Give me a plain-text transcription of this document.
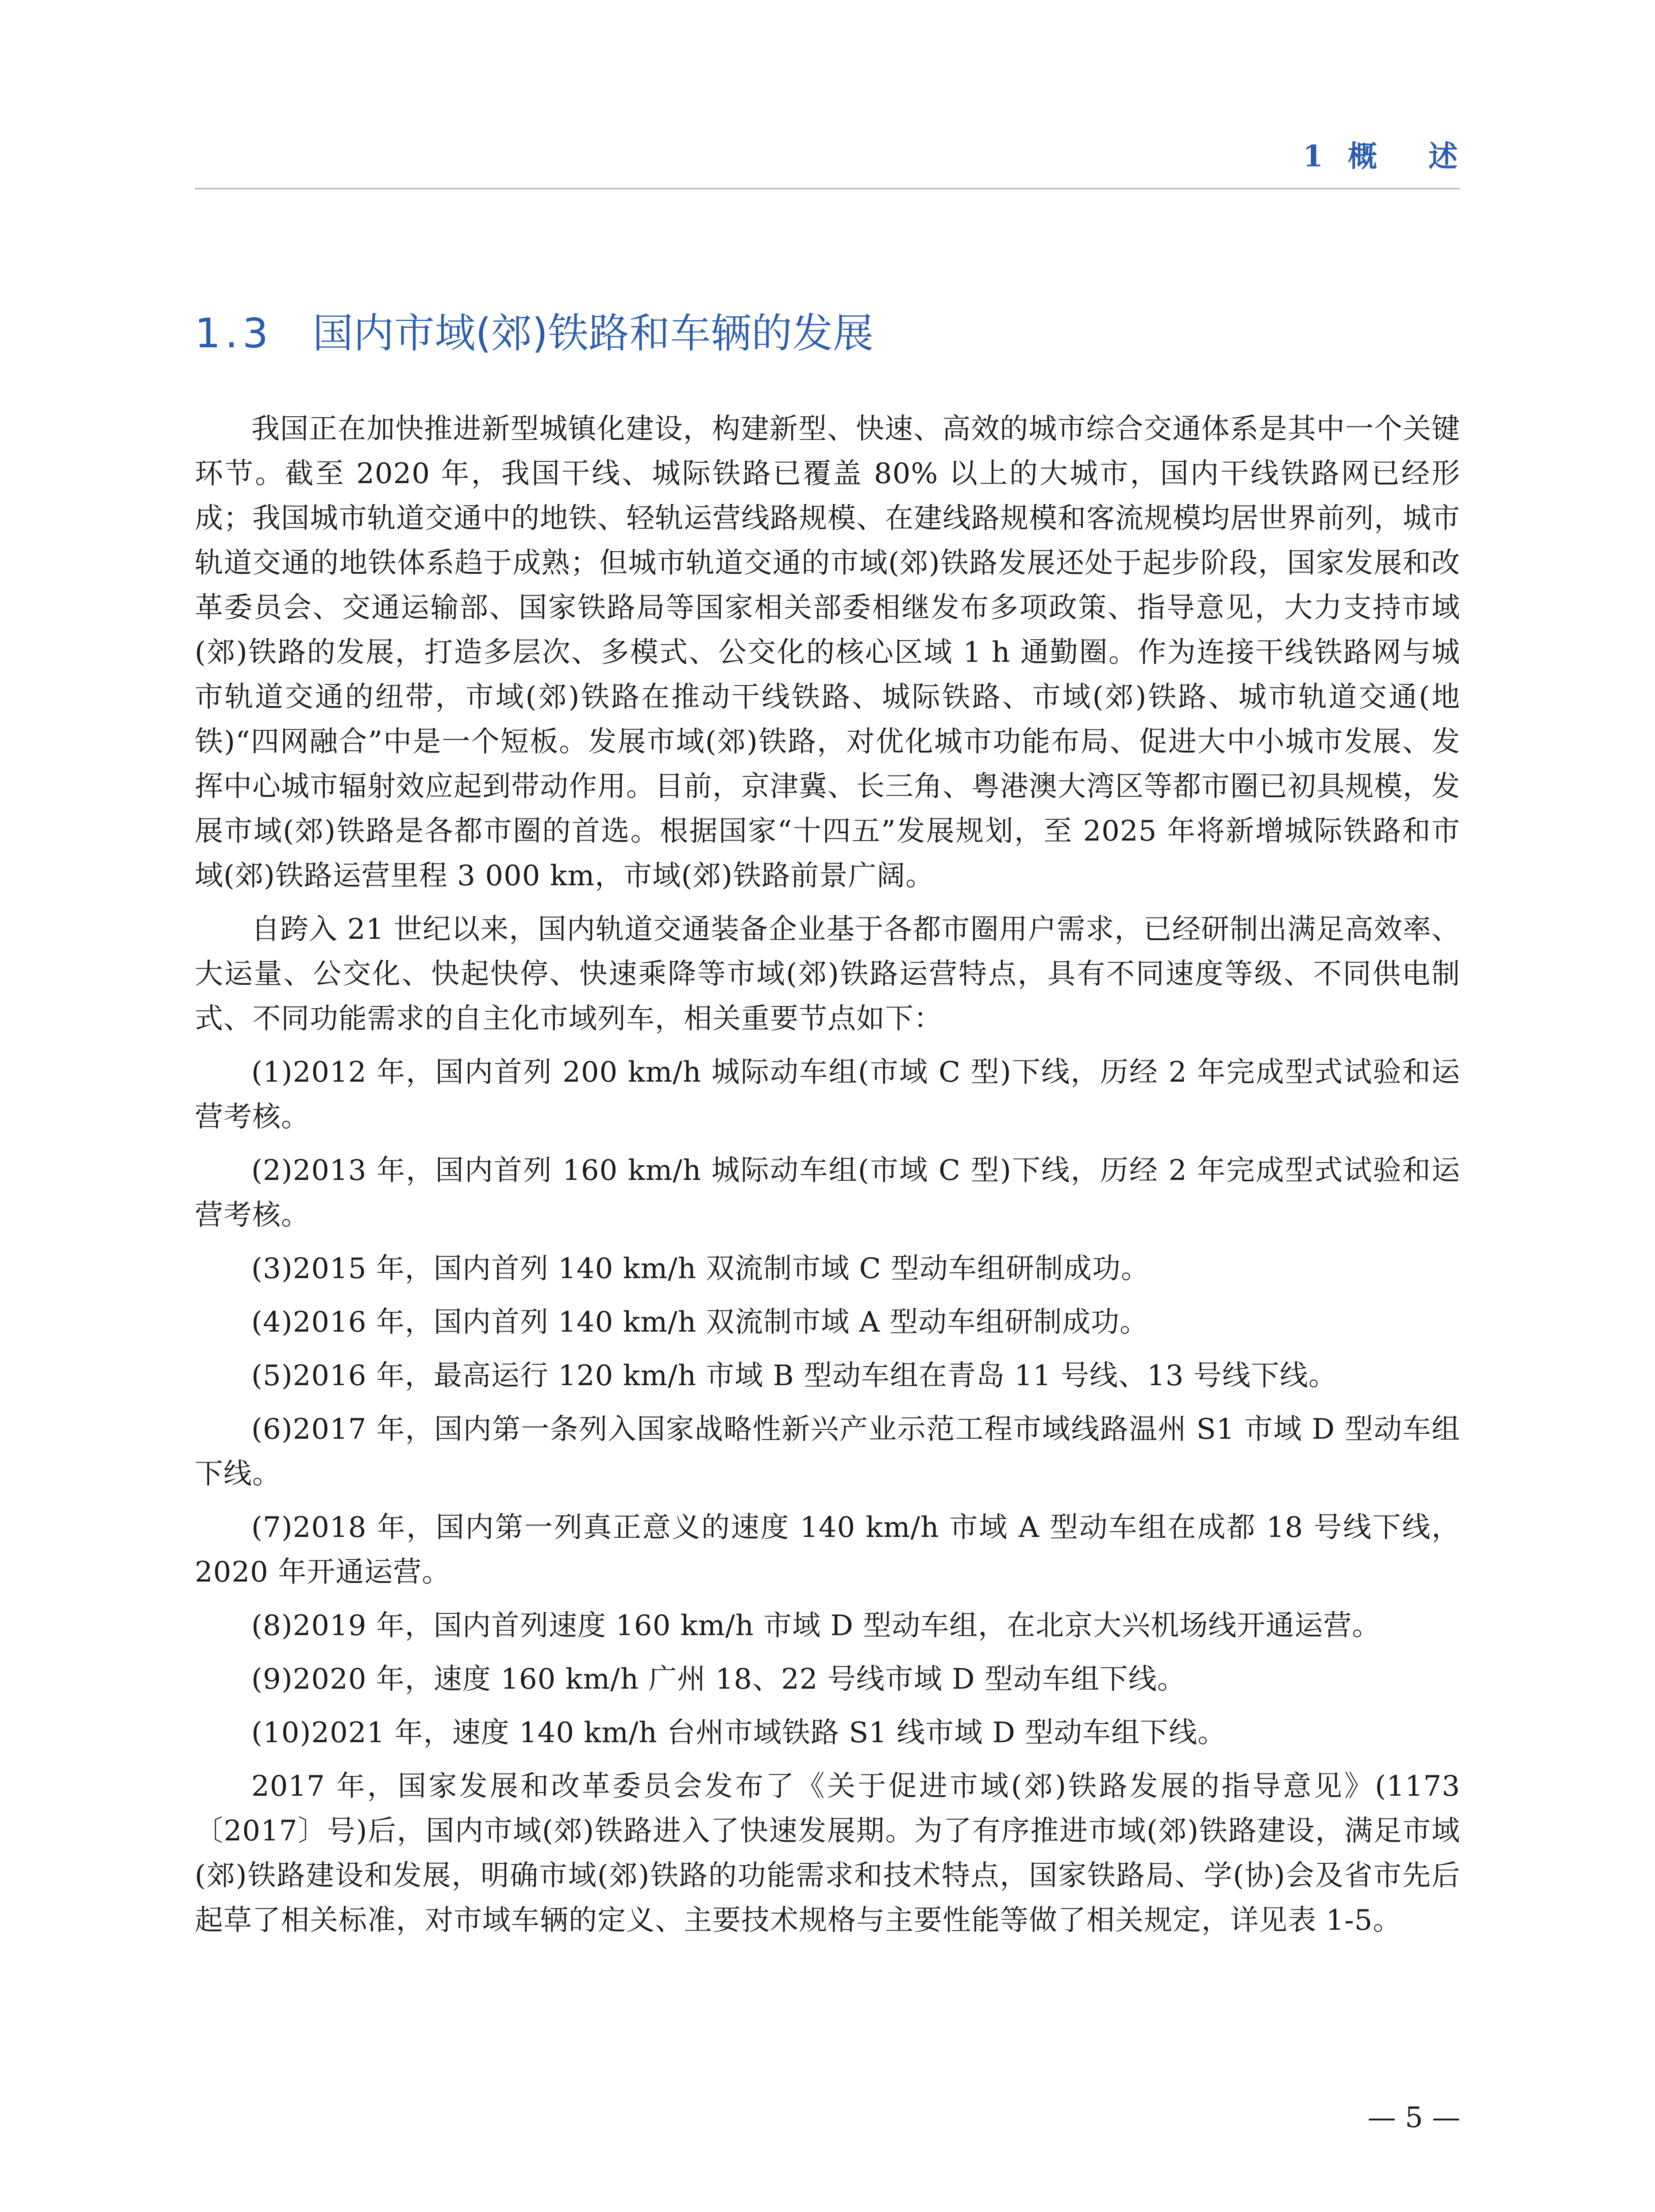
1 概 述
1.3 国内市域(郊)铁路和车辆的发展

我国正在加快推进新型城镇化建设，构建新型、快速、高效的城市综合交通体系是其中一个关键环节。截至 2020 年，我国干线、城际铁路已覆盖 80% 以上的大城市，国内干线铁路网已经形成；我国城市轨道交通中的地铁、轻轨运营线路规模、在建线路规模和客流规模均居世界前列，城市轨道交通的地铁体系趋于成熟；但城市轨道交通的市域(郊)铁路发展还处于起步阶段，国家发展和改革委员会、交通运输部、国家铁路局等国家相关部委相继发布多项政策、指导意见，大力支持市域(郊)铁路的发展，打造多层次、多模式、公交化的核心区域 1 h 通勤圈。作为连接干线铁路网与城市轨道交通的纽带，市域(郊)铁路在推动干线铁路、城际铁路、市域(郊)铁路、城市轨道交通(地铁)“四网融合”中是一个短板。发展市域(郊)铁路，对优化城市功能布局、促进大中小城市发展、发挥中心城市辐射效应起到带动作用。目前，京津冀、长三角、粤港澳大湾区等都市圈已初具规模，发展市域(郊)铁路是各都市圈的首选。根据国家“十四五”发展规划，至 2025 年将新增城际铁路和市域(郊)铁路运营里程 3 000 km，市域(郊)铁路前景广阔。

自跨入 21 世纪以来，国内轨道交通装备企业基于各都市圈用户需求，已经研制出满足高效率、大运量、公交化、快起快停、快速乘降等市域(郊)铁路运营特点，具有不同速度等级、不同供电制式、不同功能需求的自主化市域列车，相关重要节点如下：

(1)2012 年，国内首列 200 km/h 城际动车组(市域 C 型)下线，历经 2 年完成型式试验和运营考核。

(2)2013 年，国内首列 160 km/h 城际动车组(市域 C 型)下线，历经 2 年完成型式试验和运营考核。

(3)2015 年，国内首列 140 km/h 双流制市域 C 型动车组研制成功。

(4)2016 年，国内首列 140 km/h 双流制市域 A 型动车组研制成功。

(5)2016 年，最高运行 120 km/h 市域 B 型动车组在青岛 11 号线、13 号线下线。

(6)2017 年，国内第一条列入国家战略性新兴产业示范工程市域线路温州 S1 市域 D 型动车组下线。

(7)2018 年，国内第一列真正意义的速度 140 km/h 市域 A 型动车组在成都 18 号线下线，2020 年开通运营。

(8)2019 年，国内首列速度 160 km/h 市域 D 型动车组，在北京大兴机场线开通运营。

(9)2020 年，速度 160 km/h 广州 18、22 号线市域 D 型动车组下线。

(10)2021 年，速度 140 km/h 台州市域铁路 S1 线市域 D 型动车组下线。

2017 年，国家发展和改革委员会发布了《关于促进市域(郊)铁路发展的指导意见》(1173〔2017〕号)后，国内市域(郊)铁路进入了快速发展期。为了有序推进市域(郊)铁路建设，满足市域(郊)铁路建设和发展，明确市域(郊)铁路的功能需求和技术特点，国家铁路局、学(协)会及省市先后起草了相关标准，对市域车辆的定义、主要技术规格与主要性能等做了相关规定，详见表 1-5。

— 5 —
